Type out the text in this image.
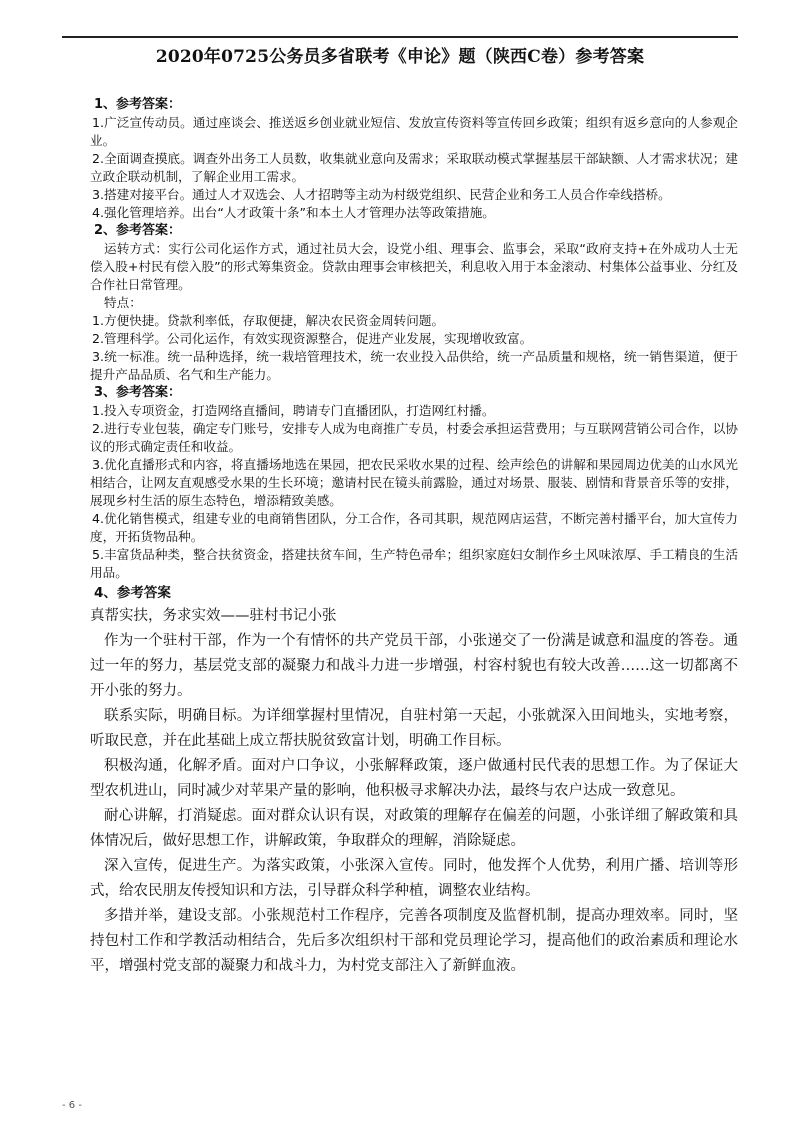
2020年0725公务员多省联考《申论》题（陕西C卷）参考答案
1、参考答案：
1.广泛宣传动员。通过座谈会、推送返乡创业就业短信、发放宣传资料等宣传回乡政策；组织有返乡意向的人参观企业。
2.全面调查摸底。调查外出务工人员数，收集就业意向及需求；采取联动模式掌握基层干部缺额、人才需求状况；建立政企联动机制，了解企业用工需求。
3.搭建对接平台。通过人才双选会、人才招聘等主动为村级党组织、民营企业和务工人员合作牵线搭桥。
4.强化管理培养。出台“人才政策十条”和本土人才管理办法等政策措施。
2、参考答案：
运转方式：实行公司化运作方式，通过社员大会，设党小组、理事会、监事会，采取“政府支持+在外成功人士无偿入股+村民有偿入股”的形式筹集资金。贷款由理事会审核把关，利息收入用于本金滚动、村集体公益事业、分红及合作社日常管理。
特点：
1.方便快捷。贷款利率低，存取便捷，解决农民资金周转问题。
2.管理科学。公司化运作，有效实现资源整合，促进产业发展，实现增收致富。
3.统一标准。统一品种选择，统一栽培管理技术，统一农业投入品供给，统一产品质量和规格，统一销售渠道，便于提升产品品质、名气和生产能力。
3、参考答案：
1.投入专项资金，打造网络直播间，聘请专门直播团队，打造网红村播。
2.进行专业包装，确定专门账号，安排专人成为电商推广专员，村委会承担运营费用；与互联网营销公司合作，以协议的形式确定责任和收益。
3.优化直播形式和内容，将直播场地选在果园，把农民采收水果的过程、绘声绘色的讲解和果园周边优美的山水风光相结合，让网友直观感受水果的生长环境；邀请村民在镜头前露脸，通过对场景、服装、剧情和背景音乐等的安排，展现乡村生活的原生态特色，增添精致美感。
4.优化销售模式，组建专业的电商销售团队，分工合作，各司其职，规范网店运营，不断完善村播平台，加大宣传力度，开拓货物品种。
5.丰富货品种类，整合扶贫资金，搭建扶贫车间，生产特色帚牟；组织家庭妇女制作乡土风味浓厚、手工精良的生活用品。
4、参考答案
真帮实扶，务求实效——驻村书记小张
作为一个驻村干部，作为一个有情怀的共产党员干部，小张递交了一份满是诚意和温度的答卷。通过一年的努力，基层党支部的凝聚力和战斗力进一步增强，村容村貌也有较大改善……这一切都离不开小张的努力。
联系实际，明确目标。为详细掌握村里情况，自驻村第一天起，小张就深入田间地头，实地考察，听取民意，并在此基础上成立帮扶脱贫致富计划，明确工作目标。
积极沟通，化解矛盾。面对户口争议，小张解释政策，逐户做通村民代表的思想工作。为了保证大型农机进山，同时减少对苹果产量的影响，他积极寻求解决办法，最终与农户达成一致意见。
耐心讲解，打消疑虑。面对群众认识有误，对政策的理解存在偏差的问题，小张详细了解政策和具体情况后，做好思想工作，讲解政策，争取群众的理解，消除疑虑。
深入宣传，促进生产。为落实政策，小张深入宣传。同时，他发挥个人优势，利用广播、培训等形式，给农民朋友传授知识和方法，引导群众科学种植，调整农业结构。
多措并举，建设支部。小张规范村工作程序，完善各项制度及监督机制，提高办理效率。同时，坚持包村工作和学教活动相结合，先后多次组织村干部和党员理论学习，提高他们的政治素质和理论水平，增强村党支部的凝聚力和战斗力，为村党支部注入了新鲜血液。
- 6 -
